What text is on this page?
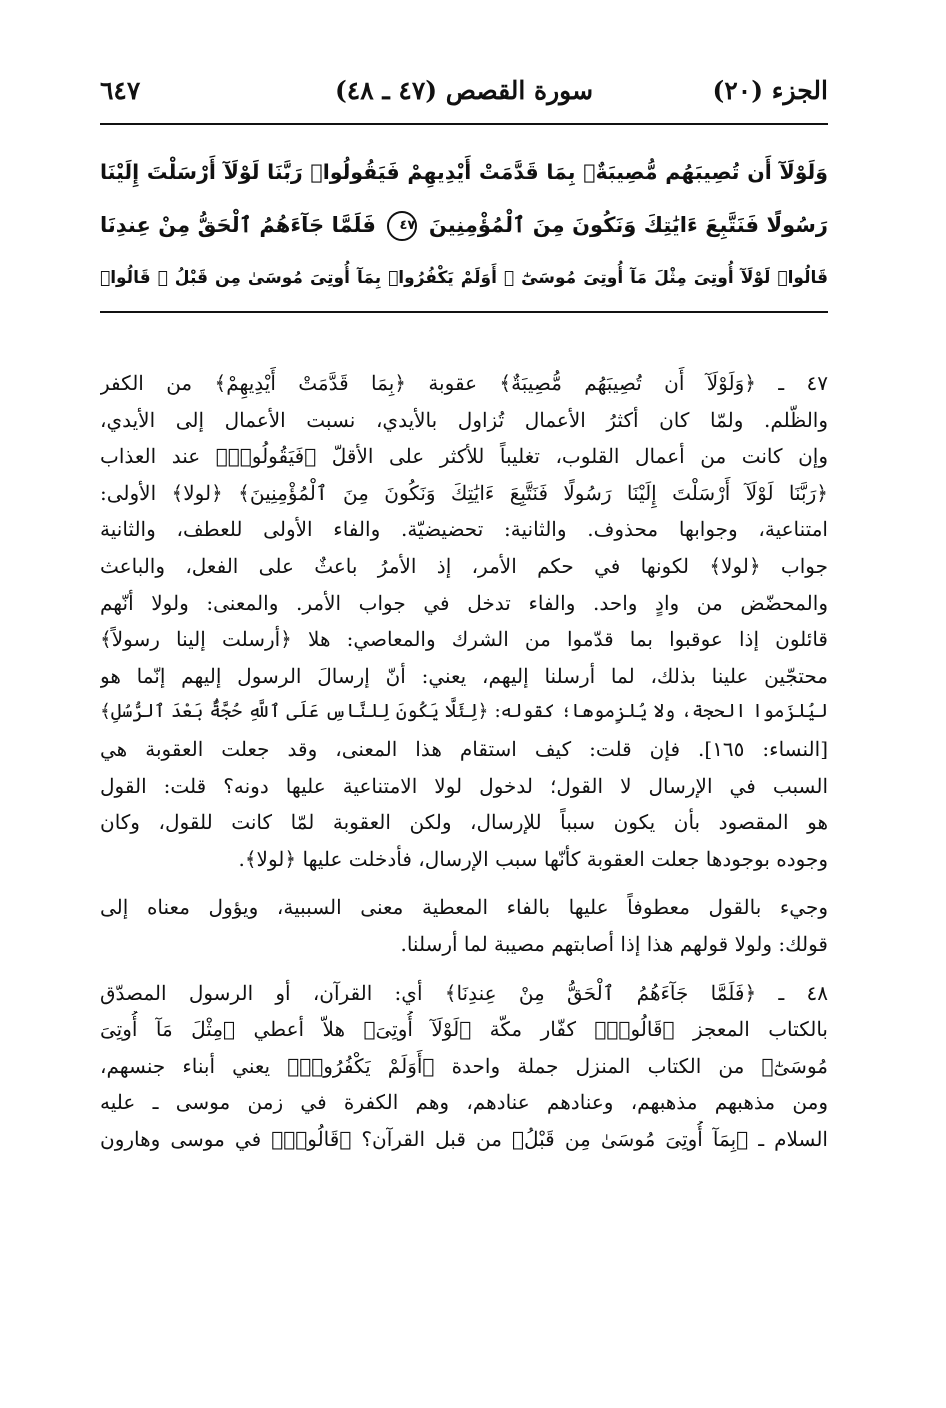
الجزء (٢٠)
سورة القصص (٤٧ ـ ٤٨)
٦٤٧
وَلَوْلَآ أَن تُصِيبَهُم مُّصِيبَةٌۢ بِمَا قَدَّمَتْ أَيْدِيهِمْ فَيَقُولُوا۟ رَبَّنَا لَوْلَآ أَرْسَلْتَ إِلَيْنَا
رَسُولًا فَنَتَّبِعَ ءَايَٰتِكَ وَنَكُونَ مِنَ ٱلْمُؤْمِنِينَ ٤٧ فَلَمَّا جَآءَهُمُ ٱلْحَقُّ مِنْ عِندِنَا
قَالُوا۟ لَوْلَآ أُوتِىَ مِثْلَ مَآ أُوتِىَ مُوسَىٰٓ ۚ أَوَلَمْ يَكْفُرُوا۟ بِمَآ أُوتِىَ مُوسَىٰ مِن قَبْلُ ۖ قَالُوا۟
٤٧ ـ ﴿وَلَوْلَآ أَن تُصِيبَهُم مُّصِيبَةٌ﴾ عقوبة ﴿بِمَا قَدَّمَتْ أَيْدِيهِمْ﴾ من الكفر
والظّلم. ولمّا كان أكثرُ الأعمال تُزاول بالأيدي، نسبت الأعمال إلى الأيدي،
وإن كانت من أعمال القلوب، تغليباً للأكثر على الأقلّ ﴿فَيَقُولُوا۟﴾ عند العذاب
﴿رَبَّنَا لَوْلَآ أَرْسَلْتَ إِلَيْنَا رَسُولًا فَنَتَّبِعَ ءَايَٰتِكَ وَنَكُونَ مِنَ ٱلْمُؤْمِنِينَ﴾ ﴿لولا﴾ الأولى:
امتناعية، وجوابها محذوف. والثانية: تحضيضيّة. والفاء الأولى للعطف، والثانية
جواب ﴿لولا﴾ لكونها في حكم الأمر، إذ الأمرُ باعثٌ على الفعل، والباعث
والمحضّض من وادٍ واحد. والفاء تدخل في جواب الأمر. والمعنى: ولولا أنّهم
قائلون إذا عوقبوا بما قدّموا من الشرك والمعاصي: هلا ﴿أرسلت إلينا رسولاً﴾
محتجّين علينا بذلك، لما أرسلنا إليهم، يعني: أنّ إرسالَ الرسول إليهم إنّما هو
ليُلزَموا الحجة، ولا يُلزِموها؛ كقوله: ﴿لِئَلَّا يَكُونَ لِلنَّاسِ عَلَى ٱللَّهِ حُجَّةٌۢ بَعْدَ ٱلرُّسُلِ﴾
[النساء: ١٦٥]. فإن قلت: كيف استقام هذا المعنى، وقد جعلت العقوبة هي
السبب في الإرسال لا القول؛ لدخول لولا الامتناعية عليها دونه؟ قلت: القول
هو المقصود بأن يكون سبباً للإرسال، ولكن العقوبة لمّا كانت للقول، وكان
وجوده بوجودها جعلت العقوبة كأنّها سبب الإرسال، فأدخلت عليها ﴿لولا﴾.
وجيء بالقول معطوفاً عليها بالفاء المعطية معنى السببية، ويؤول معناه إلى
قولك: ولولا قولهم هذا إذا أصابتهم مصيبة لما أرسلنا.
٤٨ ـ ﴿فَلَمَّا جَآءَهُمُ ٱلْحَقُّ مِنْ عِندِنَا﴾ أي: القرآن، أو الرسول المصدّق
بالكتاب المعجز ﴿قَالُوا۟﴾ كفّار مكّة ﴿لَوْلَآ أُوتِىَ﴾ هلاّ أعطي ﴿مِثْلَ مَآ أُوتِىَ
مُوسَىٰٓ﴾ من الكتاب المنزل جملة واحدة ﴿أَوَلَمْ يَكْفُرُوا۟﴾ يعني أبناء جنسهم،
ومن مذهبهم مذهبهم، وعنادهم عنادهم، وهم الكفرة في زمن موسى ـ عليه
السلام ـ ﴿بِمَآ أُوتِىَ مُوسَىٰ مِن قَبْلُ﴾ من قبل القرآن؟ ﴿قَالُوا۟﴾ في موسى وهارون
